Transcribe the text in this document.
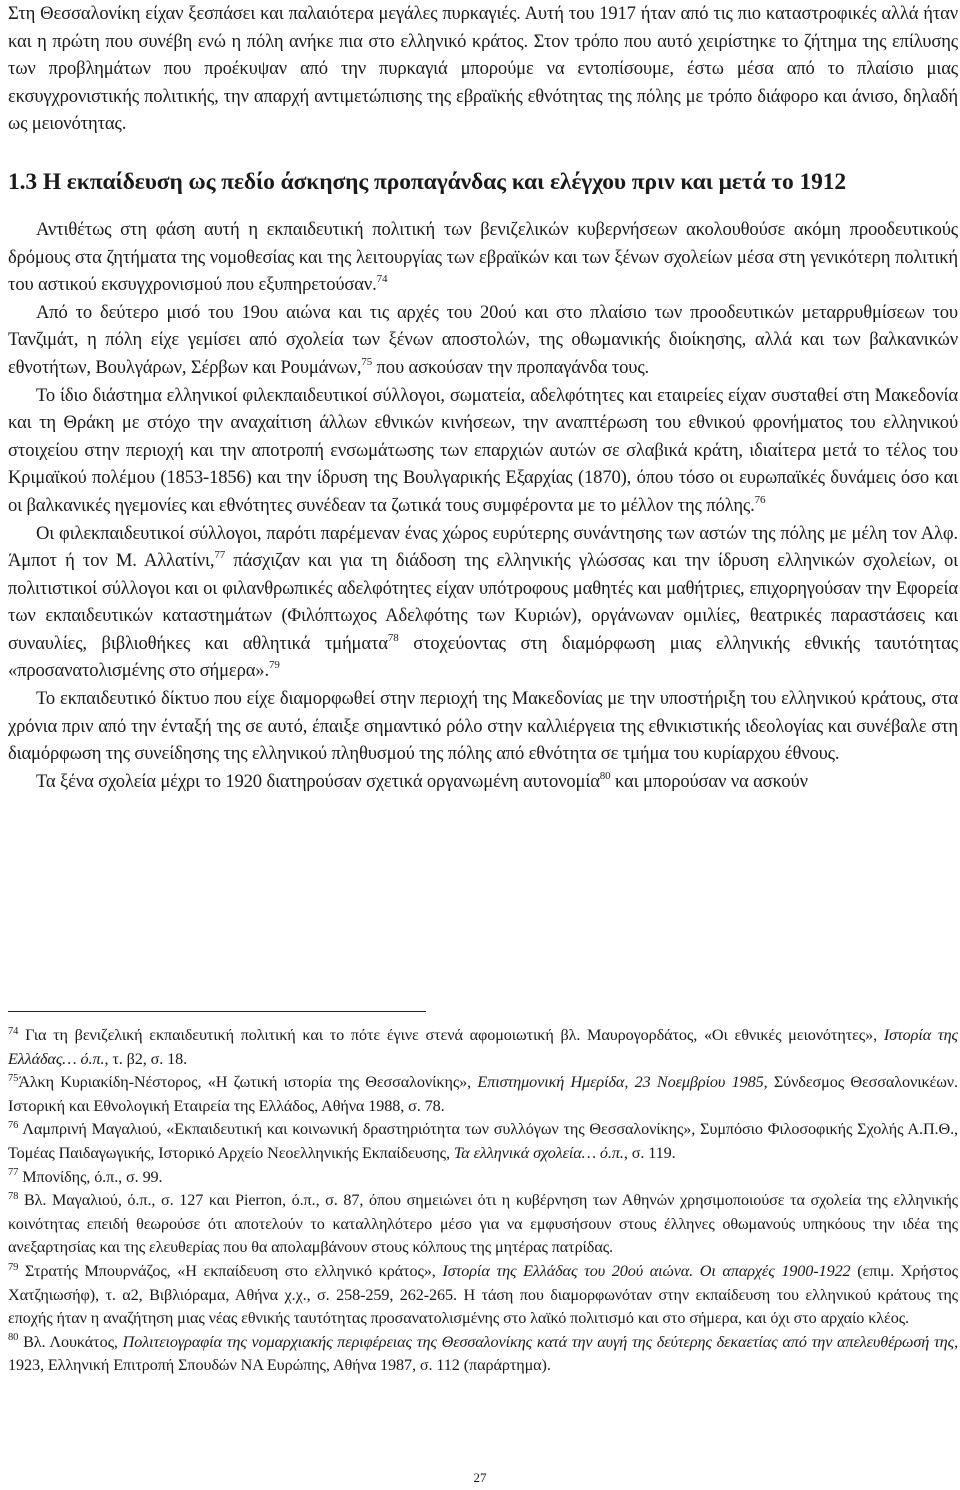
Στη Θεσσαλονίκη είχαν ξεσπάσει και παλαιότερα μεγάλες πυρκαγιές. Αυτή του 1917 ήταν από τις πιο καταστροφικές αλλά ήταν και η πρώτη που συνέβη ενώ η πόλη ανήκε πια στο ελληνικό κράτος. Στον τρόπο που αυτό χειρίστηκε το ζήτημα της επίλυσης των προβλημάτων που προέκυψαν από την πυρκαγιά μπορούμε να εντοπίσουμε, έστω μέσα από το πλαίσιο μιας εκσυγχρονιστικής πολιτικής, την απαρχή αντιμετώπισης της εβραϊκής εθνότητας της πόλης με τρόπο διάφορο και άνισο, δηλαδή ως μειονότητας.

1.3 Η εκπαίδευση ως πεδίο άσκησης προπαγάνδας και ελέγχου πριν και μετά το 1912

Αντιθέτως στη φάση αυτή η εκπαιδευτική πολιτική των βενιζελικών κυβερνήσεων ακολουθούσε ακόμη προοδευτικούς δρόμους στα ζητήματα της νομοθεσίας και της λειτουργίας των εβραϊκών και των ξένων σχολείων μέσα στη γενικότερη πολιτική του αστικού εκσυγχρονισμού που εξυπηρετούσαν.$^{74}$

Από το δεύτερο μισό του 19ου αιώνα και τις αρχές του 20ού και στο πλαίσιο των προοδευτικών μεταρρυθμίσεων του Τανζιμάτ, η πόλη είχε γεμίσει από σχολεία των ξένων αποστολών, της οθωμανικής διοίκησης, αλλά και των βαλκανικών εθνοτήτων, Βουλγάρων, Σέρβων και Ρουμάνων,$^{75}$ που ασκούσαν την προπαγάνδα τους.

Το ίδιο διάστημα ελληνικοί φιλεκπαιδευτικοί σύλλογοι, σωματεία, αδελφότητες και εταιρείες είχαν συσταθεί στη Μακεδονία και τη Θράκη με στόχο την αναχαίτιση άλλων εθνικών κινήσεων, την αναπτέρωση του εθνικού φρονήματος του ελληνικού στοιχείου στην περιοχή και την αποτροπή ενσωμάτωσης των επαρχιών αυτών σε σλαβικά κράτη, ιδιαίτερα μετά το τέλος του Κριμαϊκού πολέμου (1853-1856) και την ίδρυση της Βουλγαρικής Εξαρχίας (1870), όπου τόσο οι ευρωπαϊκές δυνάμεις όσο και οι βαλκανικές ηγεμονίες και εθνότητες συνέδεαν τα ζωτικά τους συμφέροντα με το μέλλον της πόλης.$^{76}$

Οι φιλεκπαιδευτικοί σύλλογοι, παρότι παρέμεναν ένας χώρος ευρύτερης συνάντησης των αστών της πόλης με μέλη τον Αλφ. Άμποτ ή τον Μ. Αλλατίνι,$^{77}$ πάσχιζαν και για τη διάδοση της ελληνικής γλώσσας και την ίδρυση ελληνικών σχολείων, οι πολιτιστικοί σύλλογοι και οι φιλανθρωπικές αδελφότητες είχαν υπότροφους μαθητές και μαθήτριες, επιχορηγούσαν την Εφορεία των εκπαιδευτικών καταστημάτων (Φιλόπτωχος Αδελφότης των Κυριών), οργάνωναν ομιλίες, θεατρικές παραστάσεις και συναυλίες, βιβλιοθήκες και αθλητικά τμήματα$^{78}$ στοχεύοντας στη διαμόρφωση μιας ελληνικής εθνικής ταυτότητας «προσανατολισμένης στο σήμερα».$^{79}$

Το εκπαιδευτικό δίκτυο που είχε διαμορφωθεί στην περιοχή της Μακεδονίας με την υποστήριξη του ελληνικού κράτους, στα χρόνια πριν από την ένταξή της σε αυτό, έπαιξε σημαντικό ρόλο στην καλλιέργεια της εθνικιστικής ιδεολογίας και συνέβαλε στη διαμόρφωση της συνείδησης της ελληνικού πληθυσμού της πόλης από εθνότητα σε τμήμα του κυρίαρχου έθνους.

Τα ξένα σχολεία μέχρι το 1920 διατηρούσαν σχετικά οργανωμένη αυτονομία$^{80}$ και μπορούσαν να ασκούν

$^{74}$ Για τη βενιζελική εκπαιδευτική πολιτική και το πότε έγινε στενά αφομοιωτική βλ. Μαυρογορδάτος, «Οι εθνικές μειονότητες», Ιστορία της Ελλάδας… ό.π., τ. β2, σ. 18.

$^{75}$Άλκη Κυριακίδη-Νέστορος, «Η ζωτική ιστορία της Θεσσαλονίκης», Επιστημονική Ημερίδα, 23 Νοεμβρίου 1985, Σύνδεσμος Θεσσαλονικέων. Ιστορική και Εθνολογική Εταιρεία της Ελλάδος, Αθήνα 1988, σ. 78.

$^{76}$ Λαμπρινή Μαγαλιού, «Εκπαιδευτική και κοινωνική δραστηριότητα των συλλόγων της Θεσσαλονίκης», Συμπόσιο Φιλοσοφικής Σχολής Α.Π.Θ., Τομέας Παιδαγωγικής, Ιστορικό Αρχείο Νεοελληνικής Εκπαίδευσης, Τα ελληνικά σχολεία… ό.π., σ. 119.

$^{77}$ Μπονίδης, ό.π., σ. 99.

$^{78}$ Βλ. Μαγαλιού, ό.π., σ. 127 και Pierron, ό.π., σ. 87, όπου σημειώνει ότι η κυβέρνηση των Αθηνών χρησιμοποιούσε τα σχολεία της ελληνικής κοινότητας επειδή θεωρούσε ότι αποτελούν το καταλληλότερο μέσο για να εμφυσήσουν στους έλληνες οθωμανούς υπηκόους την ιδέα της ανεξαρτησίας και της ελευθερίας που θα απολαμβάνουν στους κόλπους της μητέρας πατρίδας.

$^{79}$ Στρατής Μπουρνάζος, «Η εκπαίδευση στο ελληνικό κράτος», Ιστορία της Ελλάδας του 20ού αιώνα. Οι απαρχές 1900-1922 (επιμ. Χρήστος Χατζηιωσήφ), τ. α2, Βιβλιόραμα, Αθήνα χ.χ., σ. 258-259, 262-265. Η τάση που διαμορφωνόταν στην εκπαίδευση του ελληνικού κράτους της εποχής ήταν η αναζήτηση μιας νέας εθνικής ταυτότητας προσανατολισμένης στο λαϊκό πολιτισμό και στο σήμερα, και όχι στο αρχαίο κλέος.

$^{80}$ Βλ. Λουκάτος, Πολιτειογραφία της νομαρχιακής περιφέρειας της Θεσσαλονίκης κατά την αυγή της δεύτερης δεκαετίας από την απελευθέρωσή της, 1923, Ελληνική Επιτροπή Σπουδών ΝΑ Ευρώπης, Αθήνα 1987, σ. 112 (παράρτημα).

27
